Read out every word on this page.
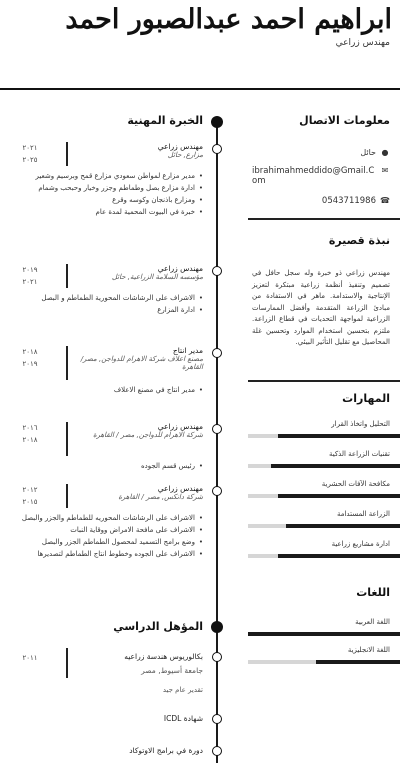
ابراهيم احمد عبدالصبور احمد
مهندس زراعي
معلومات الاتصال
●
حائل
✉
ibrahimahmeddido@Gmail.Com
☎
0543711986
نبذة قصيرة
مهندس زراعي ذو خبرة وله سجل حافل في تصميم وتنفيذ أنظمة زراعية مبتكرة لتعزيز الإنتاجية والاستدامة. ماهر في الاستفادة من مبادئ الزراعة المتقدمة وأفضل الممارسات الزراعية لمواجهة التحديات في قطاع الزراعة. ملتزم بتحسين استخدام الموارد وتحسين غلة المحاصيل مع تقليل التأثير البيئي.
المهارات
التحليل واتخاذ القرار
تقنيات الزراعة الذكية
مكافحة الآفات الحشرية
الزراعة المستدامة
ادارة مشاريع زراعية
اللغات
اللغة العربية
اللغة الانجليزية
الخبرة المهنية
مهندس زراعي
مزارع, حائل
٢٠٢١
٢٠٢٥
• مدير مزارع لمواطن سعودي مزارع قمح وبرسيم وشعير
• ادارة مزارع بصل وطماطم وجزر وخيار وحبحب وشمام
• ومزارع باذنجان وكوسه وقرع
• خبرة في البيوت المحمية لمدة عام
مهندس زراعي
مؤسسه السلامة الزراعية, حائل
٢٠١٩
٢٠٢١
• الاشراف على الرشاشات المحورية الطماطم و البصل
• ادارة المزارع
مدير انتاج
مصنع اعلاف شركة الاهرام للدواجن, مصر/ القاهرة
٢٠١٨
٢٠١٩
• مدير انتاج في مصنع الاعلاف
مهندس زراعي
شركة الاهرام للدواجن, مصر / القاهرة
٢٠١٦
٢٠١٨
• رئيس قسم الجوده
مهندس زراعي
شركة دانكس, مصر / القاهرة
٢٠١٢
٢٠١٥
• الاشراف على الرشاشات المحوريه للطماطم والجزر والبصل
• الاشراف على مافحة الامراض ووقاية النبات
• وضع برامج التسميد لمحصول الطماطم الجزر والبصل
• الاشراف على الجوده وخطوط انتاج الطماطم لتصديرها
المؤهل الدراسي
٢٠١١	بكالوريوس هندسة زراعيه
جامعة أسيوط, مصر
تقدير عام جيد
شهادة ICDL
دورة في برامج الاوتوكاد
